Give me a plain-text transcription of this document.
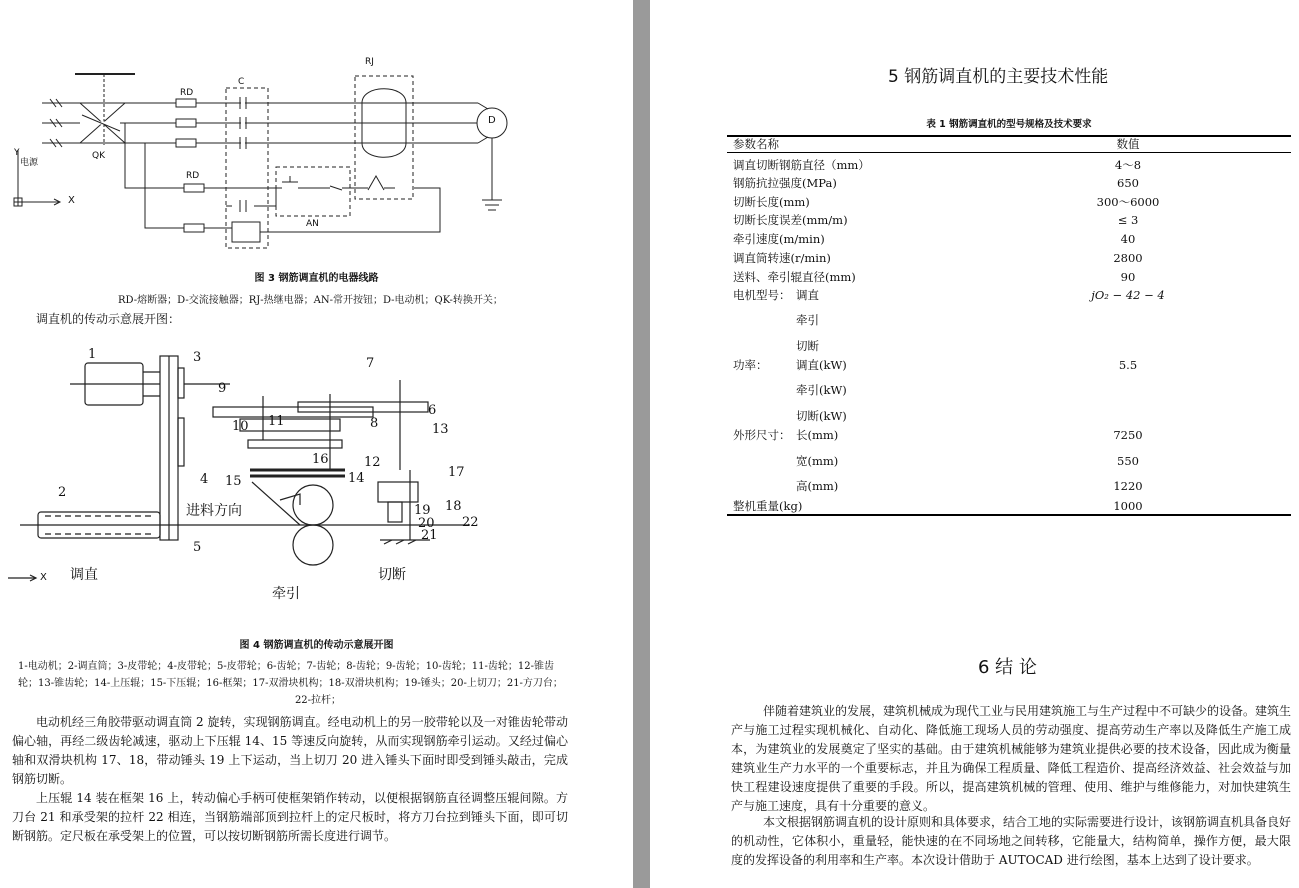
RD
C
RJ
QK
RD
AN
D
Y
电源
X
图 3 钢筋调直机的电器线路
RD-熔断器；D-交流接触器；RJ-热继电器；AN-常开按钮；D-电动机；QK-转换开关；
调直机的传动示意展开图：
1
2
3
4
5
6
7
8
9
10 11
12
13
14
15
16
17
18
19
20
21
22
进料方向
调直
牵引
切断
X
图 4 钢筋调直机的传动示意展开图
1-电动机；2-调直筒；3-皮带轮；4-皮带轮；5-皮带轮；6-齿轮；7-齿轮；8-齿轮；9-齿轮；10-齿轮；11-齿轮；12-锥齿
轮；13-锥齿轮；14-上压辊；15-下压辊；16-框架；17-双滑块机构；18-双滑块机构；19-锤头；20-上切刀；21-方刀台；
22-拉杆；
电动机经三角胶带驱动调直筒 2 旋转，实现钢筋调直。经电动机上的另一胶带轮以及一对锥齿轮带动偏心轴，再经二级齿轮减速，驱动上下压辊 14、15 等速反向旋转，从而实现钢筋牵引运动。又经过偏心轴和双滑块机构 17、18，带动锤头 19 上下运动，当上切刀 20 进入锤头下面时即受到锤头敲击，完成钢筋切断。
上压辊 14 装在框架 16 上，转动偏心手柄可使框架销作转动，以便根据钢筋直径调整压辊间隙。方刀台 21 和承受架的拉杆 22 相连，当钢筋端部顶到拉杆上的定尺板时，将方刀台拉到锤头下面，即可切断钢筋。定尺板在承受架上的位置，可以按切断钢筋所需长度进行调节。
5 钢筋调直机的主要技术性能
表 1 钢筋调直机的型号规格及技术要求
参数名称	数值
调直切断钢筋直径（mm）	4～8
钢筋抗拉强度(MPa)	650
切断长度(mm)	300～6000
切断长度误差(mm/m)	≤ 3
牵引速度(m/min)	40
调直筒转速(r/min)	2800
送料、牵引辊直径(mm)	90
电机型号： 调直	jO₂ − 42 − 4
牵引
切断
功率： 调直(kW)	5.5
牵引(kW)
切断(kW)
外形尺寸： 长(mm)	7250
宽(mm)	550
高(mm)	1220
整机重量(kg)	1000
6 结 论
伴随着建筑业的发展，建筑机械成为现代工业与民用建筑施工与生产过程中不可缺少的设备。建筑生产与施工过程实现机械化、自动化、降低施工现场人员的劳动强度、提高劳动生产率以及降低生产施工成本，为建筑业的发展奠定了坚实的基础。由于建筑机械能够为建筑业提供必要的技术设备，因此成为衡量建筑业生产力水平的一个重要标志，并且为确保工程质量、降低工程造价、提高经济效益、社会效益与加快工程建设速度提供了重要的手段。所以，提高建筑机械的管理、使用、维护与维修能力，对加快建筑生产与施工速度，具有十分重要的意义。
本文根据钢筋调直机的设计原则和具体要求，结合工地的实际需要进行设计，该钢筋调直机具备良好的机动性，它体积小，重量轻，能快速的在不同场地之间转移，它能量大，结构简单，操作方便，最大限度的发挥设备的利用率和生产率。本次设计借助于 AUTOCAD 进行绘图，基本上达到了设计要求。
